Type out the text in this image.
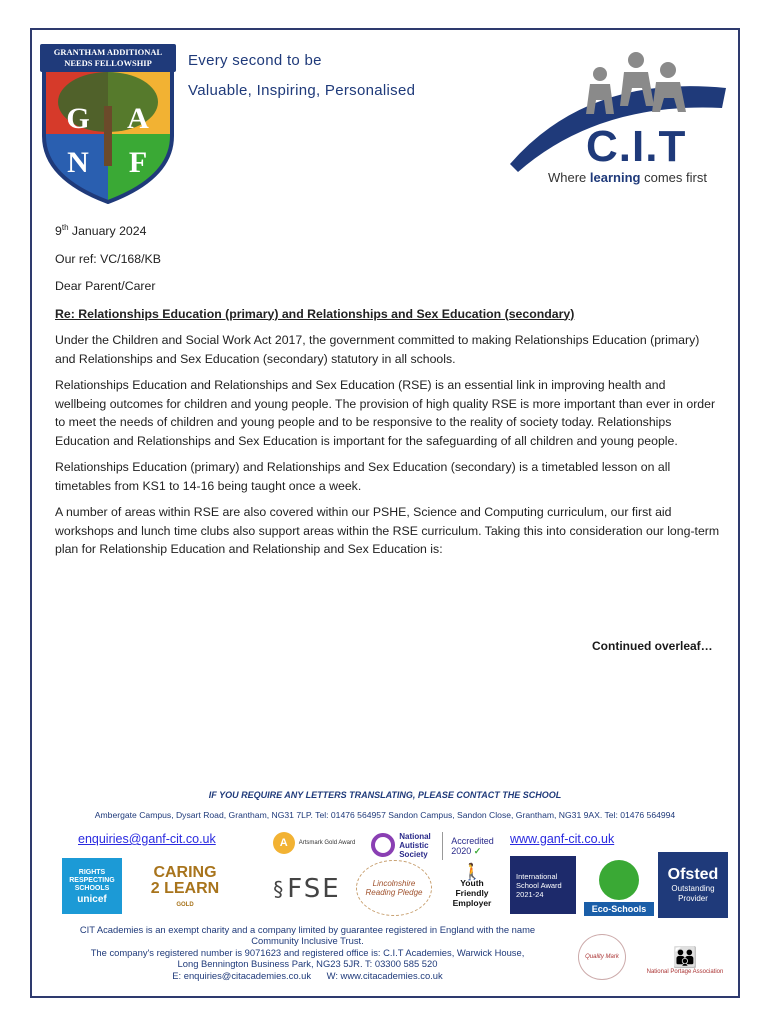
GRANTHAM ADDITIONAL
NEEDS FELLOWSHIP
G A
N F
Every second to be
Valuable, Inspiring, Personalised
C.I.T
Where learning comes first

9th January 2024

Our ref: VC/168/KB

Dear Parent/Carer

Re: Relationships Education (primary) and Relationships and Sex Education (secondary)

Under the Children and Social Work Act 2017, the government committed to making Relationships Education (primary) and Relationships and Sex Education (secondary) statutory in all schools.

Relationships Education and Relationships and Sex Education (RSE) is an essential link in improving health and wellbeing outcomes for children and young people. The provision of high quality RSE is more important than ever in order to meet the needs of children and young people and to be responsive to the reality of society today. Relationships Education and Relationships and Sex Education is important for the safeguarding of all children and young people.

Relationships Education (primary) and Relationships and Sex Education (secondary) is a timetabled lesson on all timetables from KS1 to 14-16 being taught once a week.

A number of areas within RSE are also covered within our PSHE, Science and Computing curriculum, our first aid workshops and lunch time clubs also support areas within the RSE curriculum. Taking this into consideration our long-term plan for Relationship Education and Relationship and Sex Education is:

Continued overleaf…
IF YOU REQUIRE ANY LETTERS TRANSLATING, PLEASE CONTACT THE SCHOOL
Ambergate Campus, Dysart Road, Grantham, NG31 7LP. Tel: 01476 564957 Sandon Campus, Sandon Close, Grantham, NG31 9AX. Tel: 01476 564994
enquiries@ganf-cit.co.uk	www.ganf-cit.co.uk
A	Artsmark Gold Award
National
Autistic
Society
Accredited
2020 ✓
RIGHTS
RESPECTING
SCHOOLS
unicef
CARING
2 LEARN
GOLD
§ FSE	Lincolnshire Reading Pledge
🚶
Youth
Friendly
Employer
International
School Award
2021-24
Eco-Schools
Ofsted
Outstanding
Provider
CIT Academies is an exempt charity and a company limited by guarantee registered in England with the name
Community Inclusive Trust.
The company's registered number is 9071623 and registered office is: C.I.T Academies, Warwick House,
Long Bennington Business Park, NG23 5JR. T: 03300 585 520
E: enquiries@citacademies.co.uk      W: www.citacademies.co.uk
Quality Mark	👪
National Portage Association
